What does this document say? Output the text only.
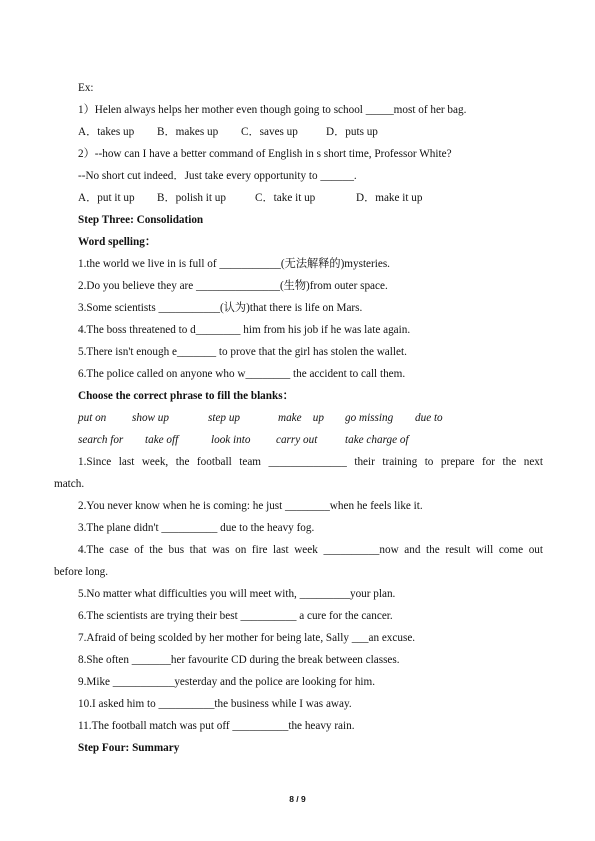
Ex:
1）Helen always helps her mother even though going to school _____most of her bag.
A．takes up B．makes up C．saves up	D．puts up
2）--how can I have a better command of English in s short time, Professor White?
--No short cut indeed．Just take every opportunity to ______.
A．put it up B．polish it up	C．take it up	D．make it up
Step Three: Consolidation
Word spelling：
1.the world we live in is full of ___________(无法解释的)mysteries.
2.Do you believe they are _______________(生物)from outer space.
3.Some scientists ___________(认为)that there is life on Mars.
4.The boss threatened to d________ him from his job if he was late again.
5.There isn't enough e_______ to prove that the girl has stolen the wallet.
6.The police called on anyone who w________ the accident to call them.
Choose the correct phrase to fill the blanks：
put on show up	step up	make　up go missing due to
search for take off	look into carry out take charge of
1.Since last week, the football team ______________ their training to prepare for the next
match.
2.You never know when he is coming: he just ________when he feels like it.
3.The plane didn't __________ due to the heavy fog.
4.The case of the bus that was on fire last week __________now and the result will come out
before long.
5.No matter what difficulties you will meet with, _________your plan.
6.The scientists are trying their best __________ a cure for the cancer.
7.Afraid of being scolded by her mother for being late, Sally ___an excuse.
8.She often _______her favourite CD during the break between classes.
9.Mike ___________yesterday and the police are looking for him.
10.I asked him to __________the business while I was away.
11.The football match was put off __________the heavy rain.
Step Four: Summary
8 / 9
